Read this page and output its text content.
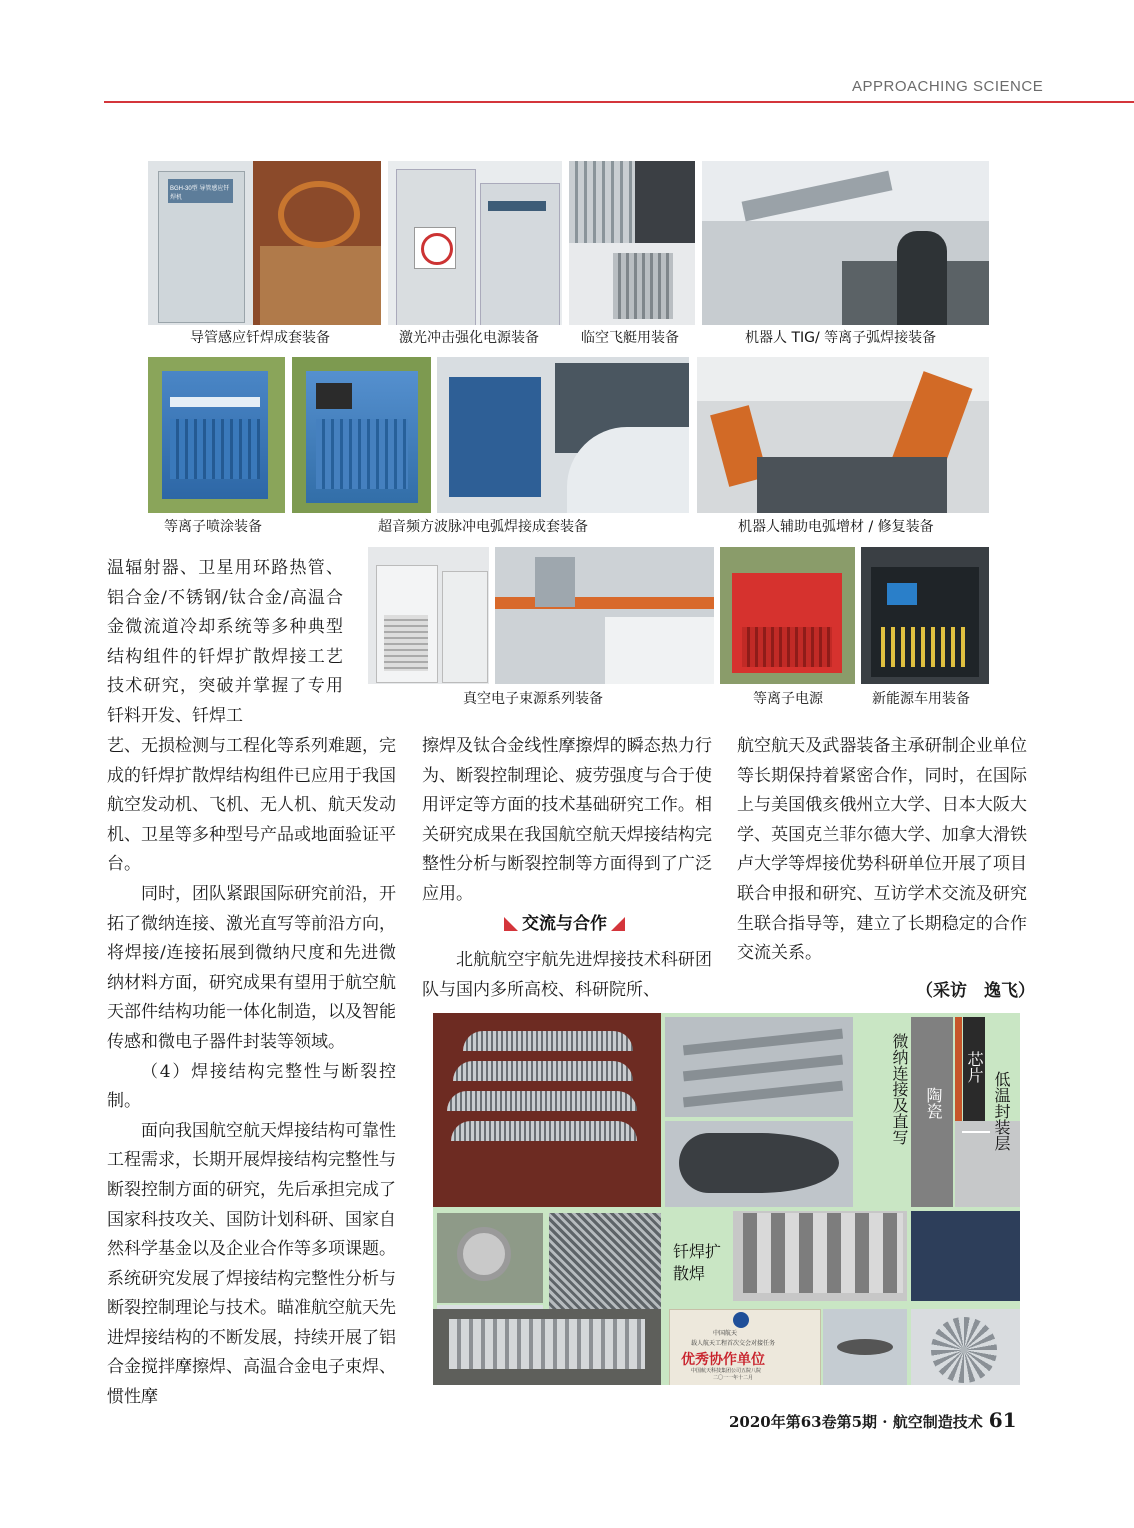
APPROACHING SCIENCE
BGH-30型 导管感应钎焊机
导管感应钎焊成套装备	激光冲击强化电源装备	临空飞艇用装备	机器人 TIG/ 等离子弧焊接装备
等离子喷涂装备	超音频方波脉冲电弧焊接成套装备	机器人辅助电弧增材 / 修复装备
真空电子束源系列装备	等离子电源	新能源车用装备

温辐射器、卫星用环路热管、铝合金/不锈钢/钛合金/高温合金微流道冷却系统等多种典型结构组件的钎焊扩散焊接工艺技术研究，突破并掌握了专用钎料开发、钎焊工

艺、无损检测与工程化等系列难题，完成的钎焊扩散焊结构组件已应用于我国航空发动机、飞机、无人机、航天发动机、卫星等多种型号产品或地面验证平台。

同时，团队紧跟国际研究前沿，开拓了微纳连接、激光直写等前沿方向，将焊接/连接拓展到微纳尺度和先进微纳材料方面，研究成果有望用于航空航天部件结构功能一体化制造，以及智能传感和微电子器件封装等领域。

（4）焊接结构完整性与断裂控制。

面向我国航空航天焊接结构可靠性工程需求，长期开展焊接结构完整性与断裂控制方面的研究，先后承担完成了国家科技攻关、国防计划科研、国家自然科学基金以及企业合作等多项课题。系统研究发展了焊接结构完整性分析与断裂控制理论与技术。瞄准航空航天先进焊接结构的不断发展，持续开展了铝合金搅拌摩擦焊、高温合金电子束焊、惯性摩

擦焊及钛合金线性摩擦焊的瞬态热力行为、断裂控制理论、疲劳强度与合于使用评定等方面的技术基础研究工作。相关研究成果在我国航空航天焊接结构完整性分析与断裂控制等方面得到了广泛应用。

交流与合作

北航航空宇航先进焊接技术科研团队与国内多所高校、科研院所、

航空航天及武器装备主承研制企业单位等长期保持着紧密合作，同时，在国际上与美国俄亥俄州立大学、日本大阪大学、英国克兰菲尔德大学、加拿大滑铁卢大学等焊接优势科研单位开展了项目联合申报和研究、互访学术交流及研究生联合指导等，建立了长期稳定的合作交流关系。

（采访　逸飞）
中国航天
载人航天工程首次交会对接任务
优秀协作单位
中国航天科技集团公司五院八院
二〇一一年十二月
微纳连接及直写 陶瓷
芯片
低温封装层
钎焊扩散焊
2020年第63卷第5期 · 航空制造技术 61
